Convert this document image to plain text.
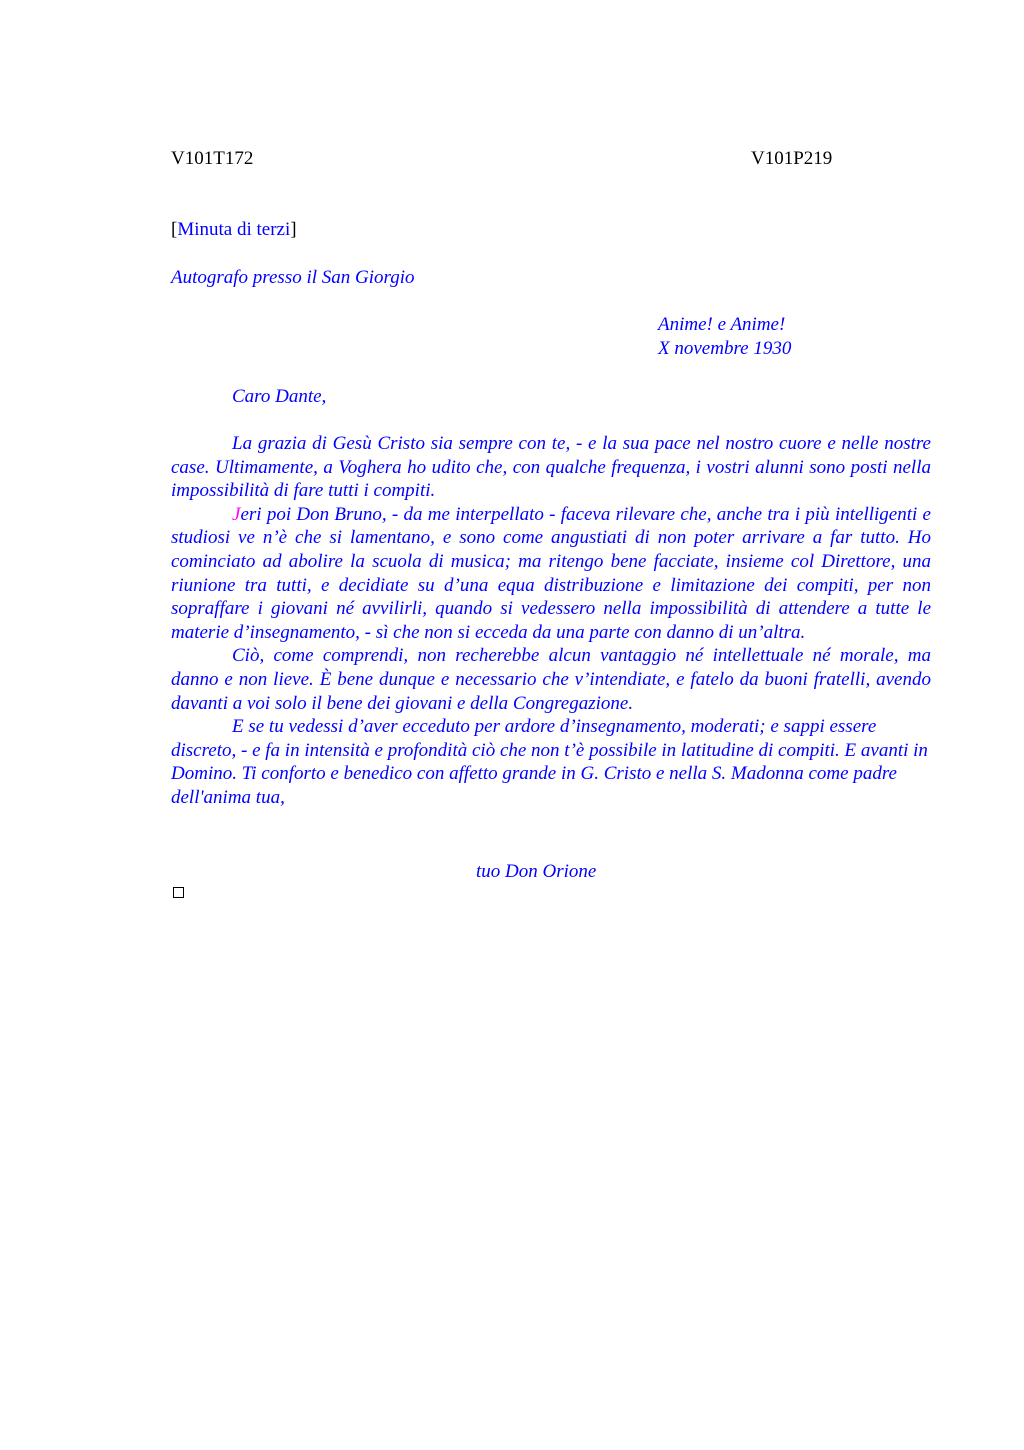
V101T172	V101P219
[Minuta di terzi]
Autografo presso il San Giorgio
Anime! e Anime!
X novembre 1930
Caro Dante,

La grazia di Gesù Cristo sia sempre con te, - e la sua pace nel nostro cuore e nelle nostre case. Ultimamente, a Voghera ho udito che, con qualche frequenza, i vostri alunni sono posti nella impossibilità di fare tutti i compiti.

Jeri poi Don Bruno, - da me interpellato - faceva rilevare che, anche tra i più intelligenti e studiosi ve n’è che si lamentano, e sono come angustiati di non poter arrivare a far tutto. Ho cominciato ad abolire la scuola di musica; ma ritengo bene facciate, insieme col Direttore, una riunione tra tutti, e decidiate su d’una equa distribuzione e limitazione dei compiti, per non sopraffare i giovani né avvilirli, quando si vedessero nella impossibilità di attendere a tutte le materie d’insegnamento, - sì che non si ecceda da una parte con danno di un’altra.

Ciò, come comprendi, non recherebbe alcun vantaggio né intellettuale né morale, ma danno e non lieve. È bene dunque e necessario che v’intendiate, e fatelo da buoni fratelli, avendo davanti a voi solo il bene dei giovani e della Congregazione.

E se tu vedessi d’aver ecceduto per ardore d’insegnamento, moderati; e sappi essere discreto, - e fa in intensità e profondità ciò che non t’è possibile in latitudine di compiti. E avanti in Domino. Ti conforto e benedico con affetto grande in G. Cristo e nella S. Madonna come padre dell'anima tua,

tuo Don Orione
